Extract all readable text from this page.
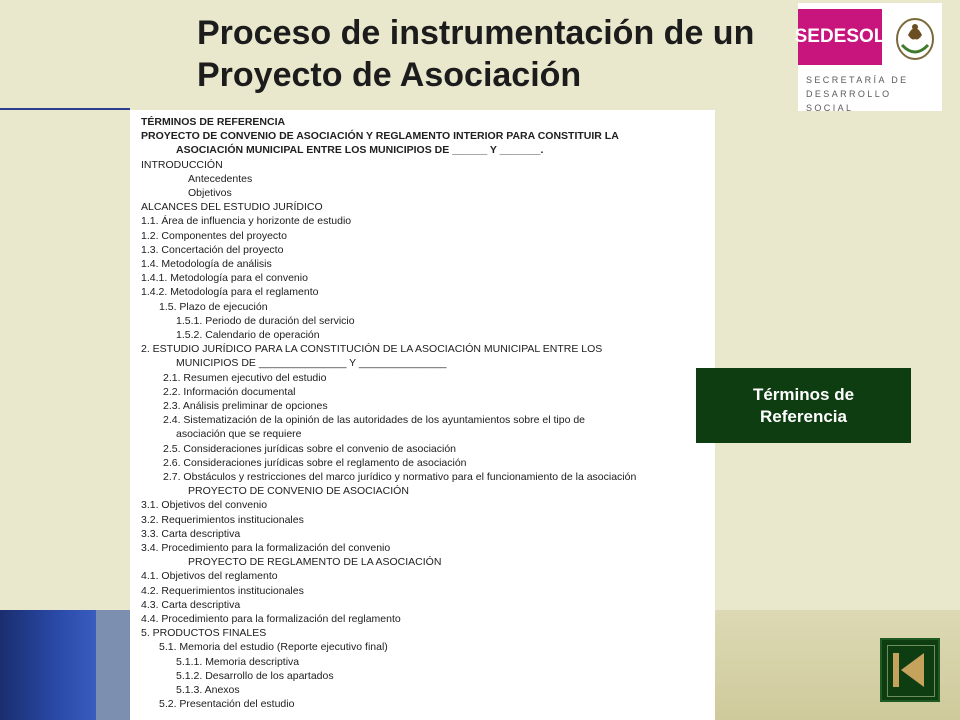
Proceso de instrumentación de un
Proyecto de Asociación
SEDESOL
SECRETARÍA DE
DESARROLLO SOCIAL
TÉRMINOS DE REFERENCIA
PROYECTO DE CONVENIO DE ASOCIACIÓN Y REGLAMENTO INTERIOR PARA CONSTITUIR LA
ASOCIACIÓN MUNICIPAL ENTRE LOS MUNICIPIOS DE ______ Y _______.
INTRODUCCIÓN
Antecedentes
Objetivos
ALCANCES DEL ESTUDIO JURÍDICO
1.1. Área de influencia y horizonte de estudio
1.2. Componentes del proyecto
1.3. Concertación del proyecto
1.4. Metodología de análisis
1.4.1. Metodología para el convenio
1.4.2. Metodología para el reglamento
1.5. Plazo de ejecución
1.5.1. Periodo de duración del servicio
1.5.2. Calendario de operación
2. ESTUDIO JURÍDICO PARA LA CONSTITUCIÓN DE LA ASOCIACIÓN MUNICIPAL ENTRE LOS
MUNICIPIOS DE _______________ Y _______________
2.1. Resumen ejecutivo del estudio
2.2. Información documental
2.3. Análisis preliminar de opciones
2.4. Sistematización de la opinión de las autoridades de los ayuntamientos sobre el tipo de
asociación que se requiere
2.5. Consideraciones jurídicas sobre el convenio de asociación
2.6. Consideraciones jurídicas sobre el reglamento de asociación
2.7. Obstáculos y restricciones del marco jurídico y normativo para el funcionamiento de la asociación
PROYECTO DE CONVENIO DE ASOCIACIÓN
3.1. Objetivos del convenio
3.2. Requerimientos institucionales
3.3. Carta descriptiva
3.4. Procedimiento para la formalización del convenio
PROYECTO DE REGLAMENTO DE LA ASOCIACIÓN
4.1. Objetivos del reglamento
4.2. Requerimientos institucionales
4.3. Carta descriptiva
4.4. Procedimiento para la formalización del reglamento
5. PRODUCTOS FINALES
5.1. Memoria del estudio (Reporte ejecutivo final)
5.1.1. Memoria descriptiva
5.1.2. Desarrollo de los apartados
5.1.3. Anexos
5.2. Presentación del estudio
Términos de
Referencia
